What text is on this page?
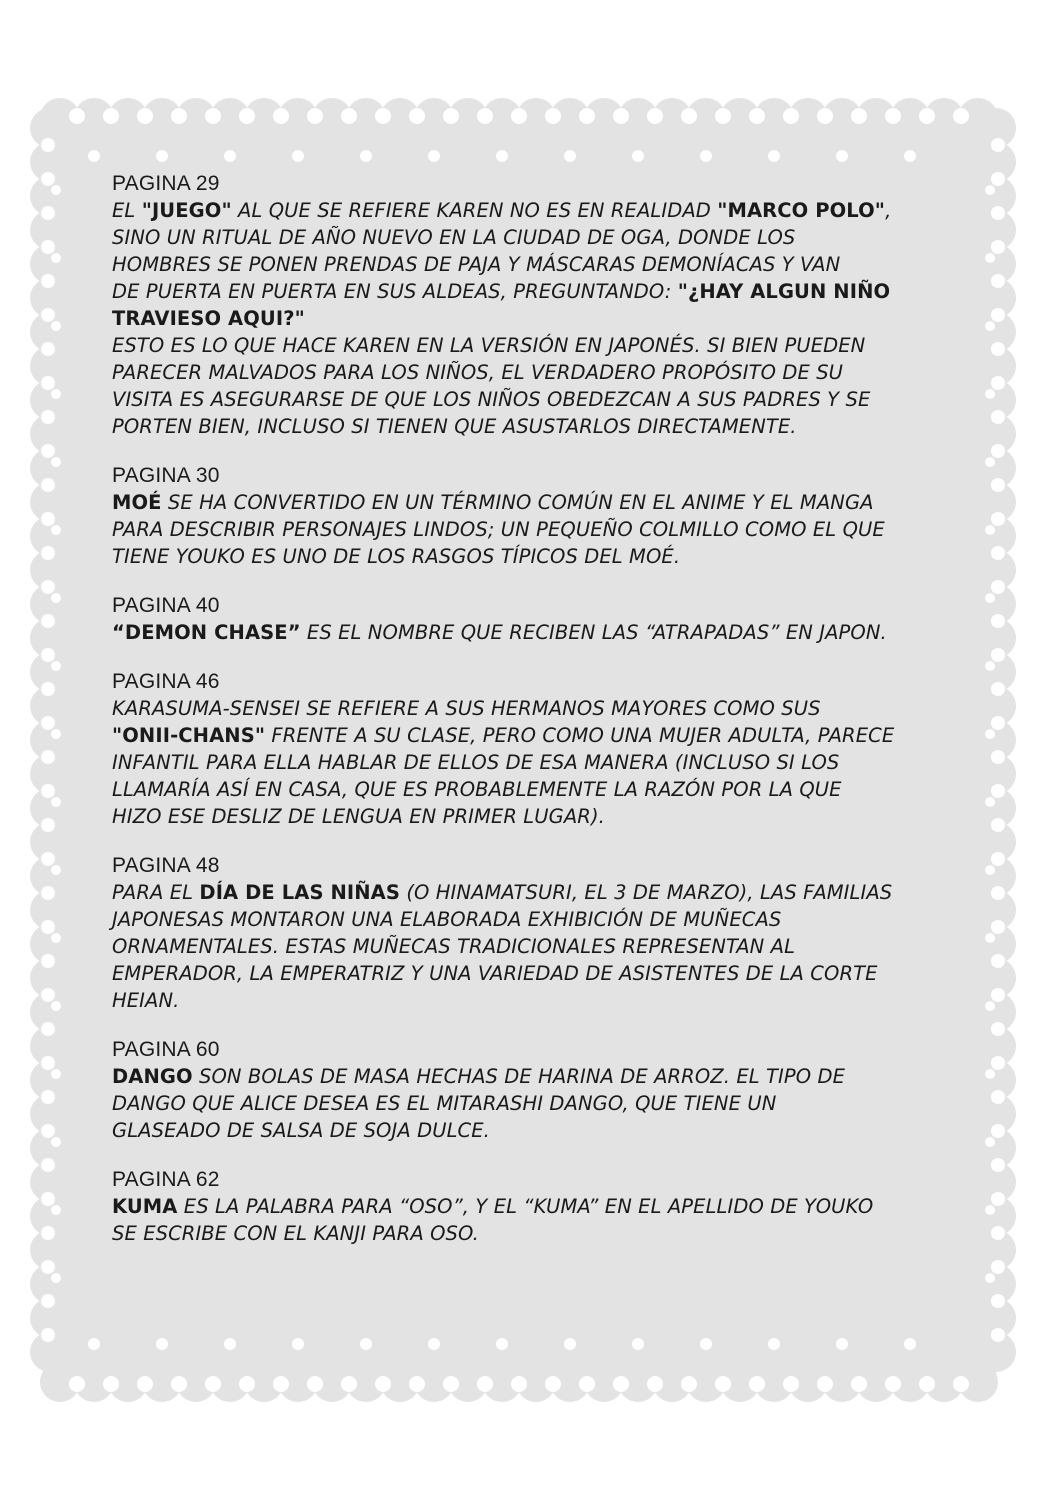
PAGINA 29
EL "JUEGO" AL QUE SE REFIERE KAREN NO ES EN REALIDAD "MARCO POLO",
SINO UN RITUAL DE AÑO NUEVO EN LA CIUDAD DE OGA, DONDE LOS
HOMBRES SE PONEN PRENDAS DE PAJA Y MÁSCARAS DEMONÍACAS Y VAN
DE PUERTA EN PUERTA EN SUS ALDEAS, PREGUNTANDO: "¿HAY ALGUN NIÑO
TRAVIESO AQUI?"
ESTO ES LO QUE HACE KAREN EN LA VERSIÓN EN JAPONÉS. SI BIEN PUEDEN
PARECER MALVADOS PARA LOS NIÑOS, EL VERDADERO PROPÓSITO DE SU
VISITA ES ASEGURARSE DE QUE LOS NIÑOS OBEDEZCAN A SUS PADRES Y SE
PORTEN BIEN, INCLUSO SI TIENEN QUE ASUSTARLOS DIRECTAMENTE.
PAGINA 30
MOÉ SE HA CONVERTIDO EN UN TÉRMINO COMÚN EN EL ANIME Y EL MANGA
PARA DESCRIBIR PERSONAJES LINDOS; UN PEQUEÑO COLMILLO COMO EL QUE
TIENE YOUKO ES UNO DE LOS RASGOS TÍPICOS DEL MOÉ.
PAGINA 40
“DEMON CHASE” ES EL NOMBRE QUE RECIBEN LAS “ATRAPADAS” EN JAPON.
PAGINA 46
KARASUMA-SENSEI SE REFIERE A SUS HERMANOS MAYORES COMO SUS
"ONII-CHANS" FRENTE A SU CLASE, PERO COMO UNA MUJER ADULTA, PARECE
INFANTIL PARA ELLA HABLAR DE ELLOS DE ESA MANERA (INCLUSO SI LOS
LLAMARÍA ASÍ EN CASA, QUE ES PROBABLEMENTE LA RAZÓN POR LA QUE
HIZO ESE DESLIZ DE LENGUA EN PRIMER LUGAR).
PAGINA 48
PARA EL DÍA DE LAS NIÑAS (O HINAMATSURI, EL 3 DE MARZO), LAS FAMILIAS
JAPONESAS MONTARON UNA ELABORADA EXHIBICIÓN DE MUÑECAS
ORNAMENTALES. ESTAS MUÑECAS TRADICIONALES REPRESENTAN AL
EMPERADOR, LA EMPERATRIZ Y UNA VARIEDAD DE ASISTENTES DE LA CORTE
HEIAN.
PAGINA 60
DANGO SON BOLAS DE MASA HECHAS DE HARINA DE ARROZ. EL TIPO DE
DANGO QUE ALICE DESEA ES EL MITARASHI DANGO, QUE TIENE UN
GLASEADO DE SALSA DE SOJA DULCE.
PAGINA 62
KUMA ES LA PALABRA PARA “OSO”, Y EL “KUMA” EN EL APELLIDO DE YOUKO
SE ESCRIBE CON EL KANJI PARA OSO.
